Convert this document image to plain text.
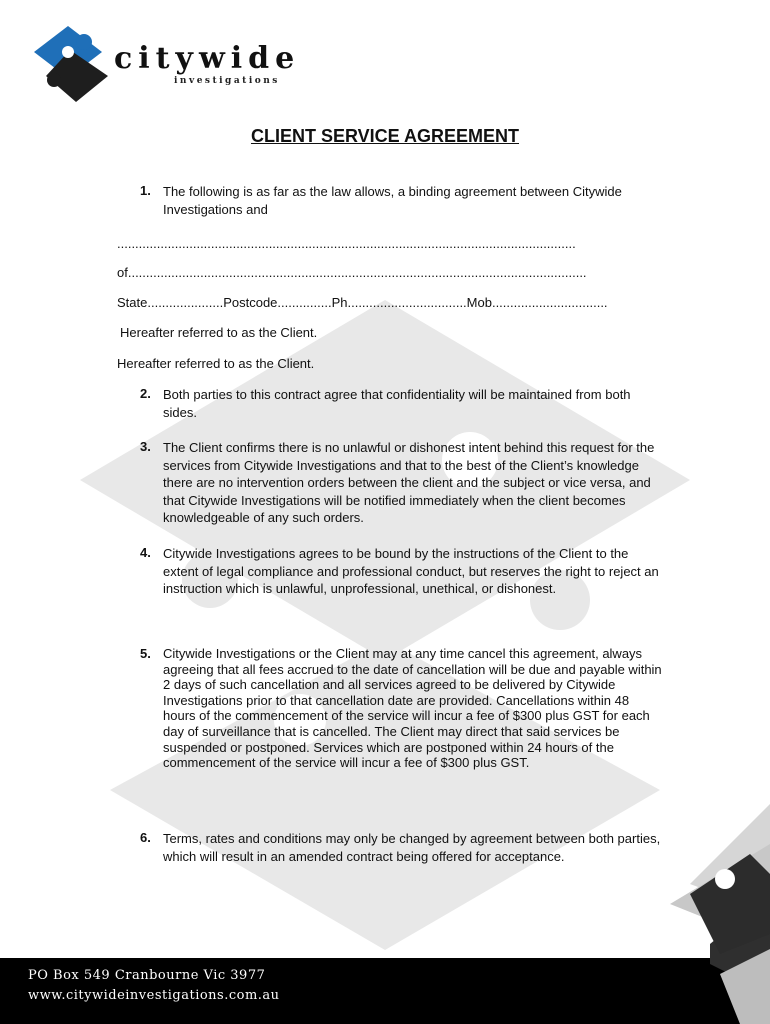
citywide
investigations
CLIENT SERVICE AGREEMENT
1. The following is as far as the law allows, a binding agreement between Citywide Investigations and
...............................................................................................................................
of...............................................................................................................................
State.....................Postcode...............Ph.................................Mob................................
Hereafter referred to as the Client.
Hereafter referred to as the Client.
2. Both parties to this contract agree that confidentiality will be maintained from both sides.
3. The Client confirms there is no unlawful or dishonest intent behind this request for the services from Citywide Investigations and that to the best of the Client’s knowledge there are no intervention orders between the client and the subject or vice versa, and that Citywide Investigations will be notified immediately when the client becomes knowledgeable of any such orders.
4. Citywide Investigations agrees to be bound by the instructions of the Client to the extent of legal compliance and professional conduct, but reserves the right to reject an instruction which is unlawful, unprofessional, unethical, or dishonest.
5. Citywide Investigations or the Client may at any time cancel this agreement, always agreeing that all fees accrued to the date of cancellation will be due and payable within 2 days of such cancellation and all services agreed to be delivered by Citywide Investigations prior to that cancellation date are provided. Cancellations within 48 hours of the commencement of the service will incur a fee of $300 plus GST for each day of surveillance that is cancelled. The Client may direct that said services be suspended or postponed. Services which are postponed within 24 hours of the commencement of the service will incur a fee of $300 plus GST.
6. Terms, rates and conditions may only be changed by agreement between both parties, which will result in an amended contract being offered for acceptance.
PO Box 549 Cranbourne Vic 3977
www.citywideinvestigations.com.au
